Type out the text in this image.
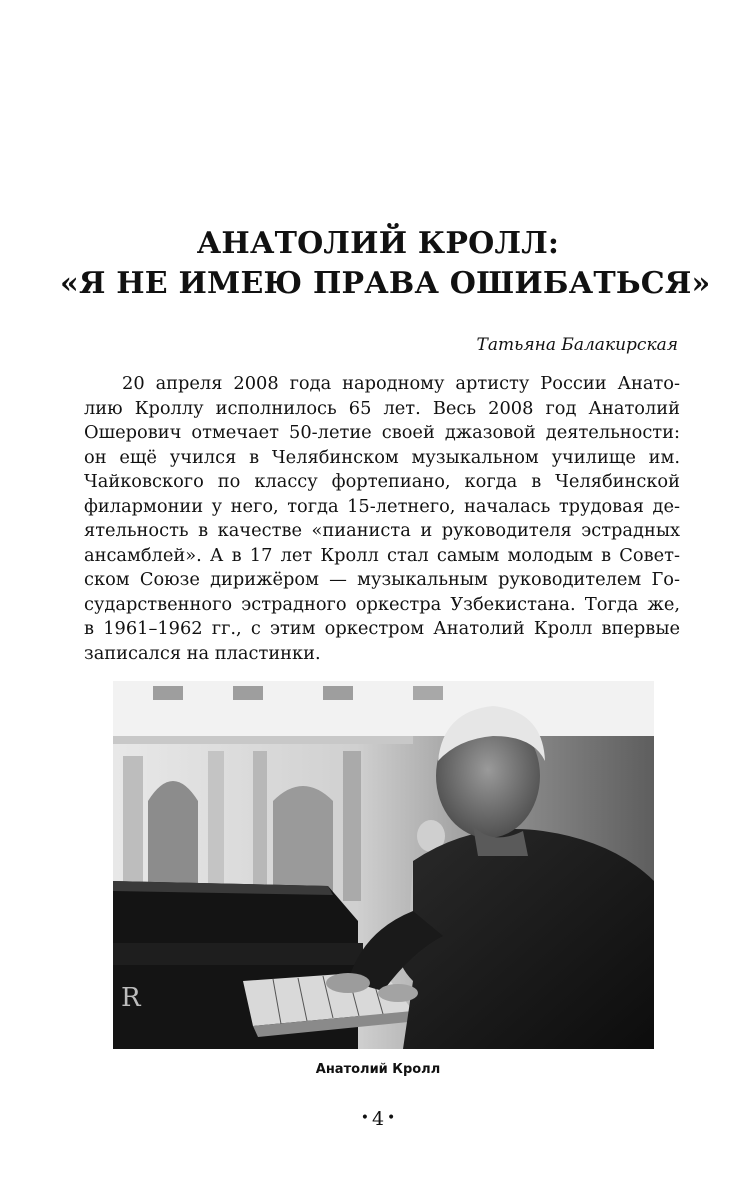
АНАТОЛИЙ КРОЛЛ:
«Я НЕ ИМЕЮ ПРАВА ОШИБАТЬСЯ»
Татьяна Балакирская
20 апреля 2008 года народному артисту России Анато-
лию Кроллу исполнилось 65 лет. Весь 2008 год Анатолий
Ошерович отмечает 50-летие своей джазовой деятельности:
он ещё учился в Челябинском музыкальном училище им.
Чайковского по классу фортепиано, когда в Челябинской
филармонии у него, тогда 15-летнего, началась трудовая де-
ятельность в качестве «пианиста и руководителя эстрадных
ансамблей». А в 17 лет Кролл стал самым молодым в Совет-
ском Союзе дирижёром — музыкальным руководителем Го-
сударственного эстрадного оркестра Узбекистана. Тогда же,
в 1961–1962 гг., с этим оркестром Анатолий Кролл впервые
записался на пластинки.
R
Анатолий Кролл
• 4 •
